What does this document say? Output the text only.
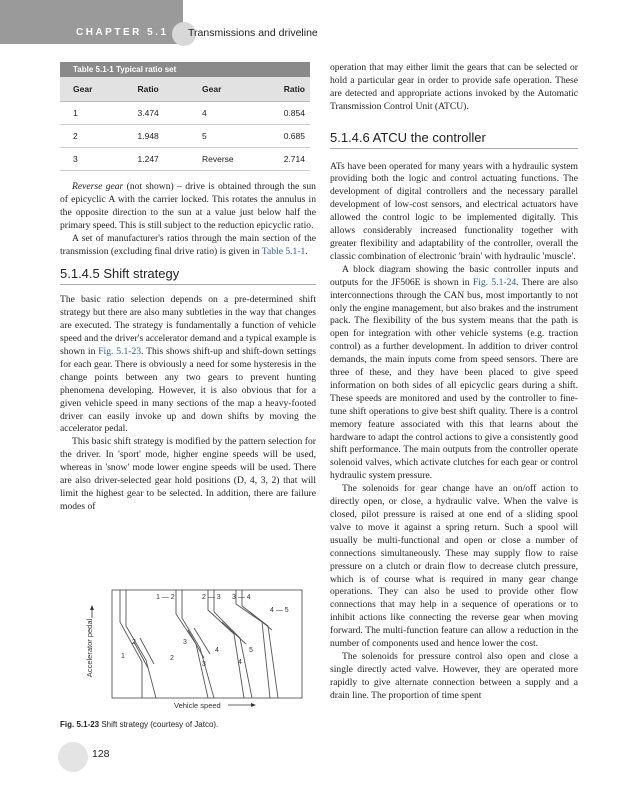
CHAPTER 5.1 Transmissions and driveline
Table 5.1-1 Typical ratio set
Gear	Ratio	Gear	Ratio
1	3.474	4	0.854
2	1.948	5	0.685
3	1.247	Reverse	2.714

Reverse gear (not shown) – drive is obtained through the sun of epicyclic A with the carrier locked. This rotates the annulus in the opposite direction to the sun at a value just below half the primary speed. This is still subject to the reduction epicyclic ratio.

A set of manufacturer's ratios through the main section of the transmission (excluding final drive ratio) is given in Table 5.1-1.

5.1.4.5 Shift strategy

The basic ratio selection depends on a pre-determined shift strategy but there are also many subtleties in the way that changes are executed. The strategy is fundamentally a function of vehicle speed and the driver's accelerator demand and a typical example is shown in Fig. 5.1-23. This shows shift-up and shift-down settings for each gear. There is obviously a need for some hysteresis in the change points between any two gears to prevent hunting phenomena developing. However, it is also obvious that for a given vehicle speed in many sections of the map a heavy-footed driver can easily invoke up and down shifts by moving the accelerator pedal.

This basic shift strategy is modified by the pattern selection for the driver. In 'sport' mode, higher engine speeds will be used, whereas in 'snow' mode lower engine speeds will be used. There are also driver-selected gear hold positions (D, 4, 3, 2) that will limit the highest gear to be selected. In addition, there are failure modes of

Accelerator pedal
1 — 2	2 — 3 3 — 4
4 — 5
1
2
2
3
3
4
4
5
Vehicle speed
Fig. 5.1-23 Shift strategy (courtesy of Jatco).

operation that may either limit the gears that can be selected or hold a particular gear in order to provide safe operation. These are detected and appropriate actions invoked by the Automatic Transmission Control Unit (ATCU).

5.1.4.6 ATCU the controller

ATs have been operated for many years with a hydraulic system providing both the logic and control actuating functions. The development of digital controllers and the necessary parallel development of low-cost sensors, and electrical actuators have allowed the control logic to be implemented digitally. This allows considerably increased functionality together with greater flexibility and adaptability of the controller, overall the classic combination of electronic 'brain' with hydraulic 'muscle'.

A block diagram showing the basic controller inputs and outputs for the JF506E is shown in Fig. 5.1-24. There are also interconnections through the CAN bus, most importantly to not only the engine management, but also brakes and the instrument pack. The flexibility of the bus system means that the path is open for integration with other vehicle systems (e.g. traction control) as a further development. In addition to driver control demands, the main inputs come from speed sensors. There are three of these, and they have been placed to give speed information on both sides of all epicyclic gears during a shift. These speeds are monitored and used by the controller to fine-tune shift operations to give best shift quality. There is a control memory feature associated with this that learns about the hardware to adapt the control actions to give a consistently good shift performance. The main outputs from the controller operate solenoid valves, which activate clutches for each gear or control hydraulic system pressure.

The solenoids for gear change have an on/off action to directly open, or close, a hydraulic valve. When the valve is closed, pilot pressure is raised at one end of a sliding spool valve to move it against a spring return. Such a spool will usually be multi-functional and open or close a number of connections simultaneously. These may supply flow to raise pressure on a clutch or drain flow to decrease clutch pressure, which is of course what is required in many gear change operations. They can also be used to provide other flow connections that may help in a sequence of operations or to inhibit actions like connecting the reverse gear when moving forward. The multi-function feature can allow a reduction in the number of components used and hence lower the cost.

The solenoids for pressure control also open and close a single directly acted valve. However, they are operated more rapidly to give alternate connection between a supply and a drain line. The proportion of time spent

128
